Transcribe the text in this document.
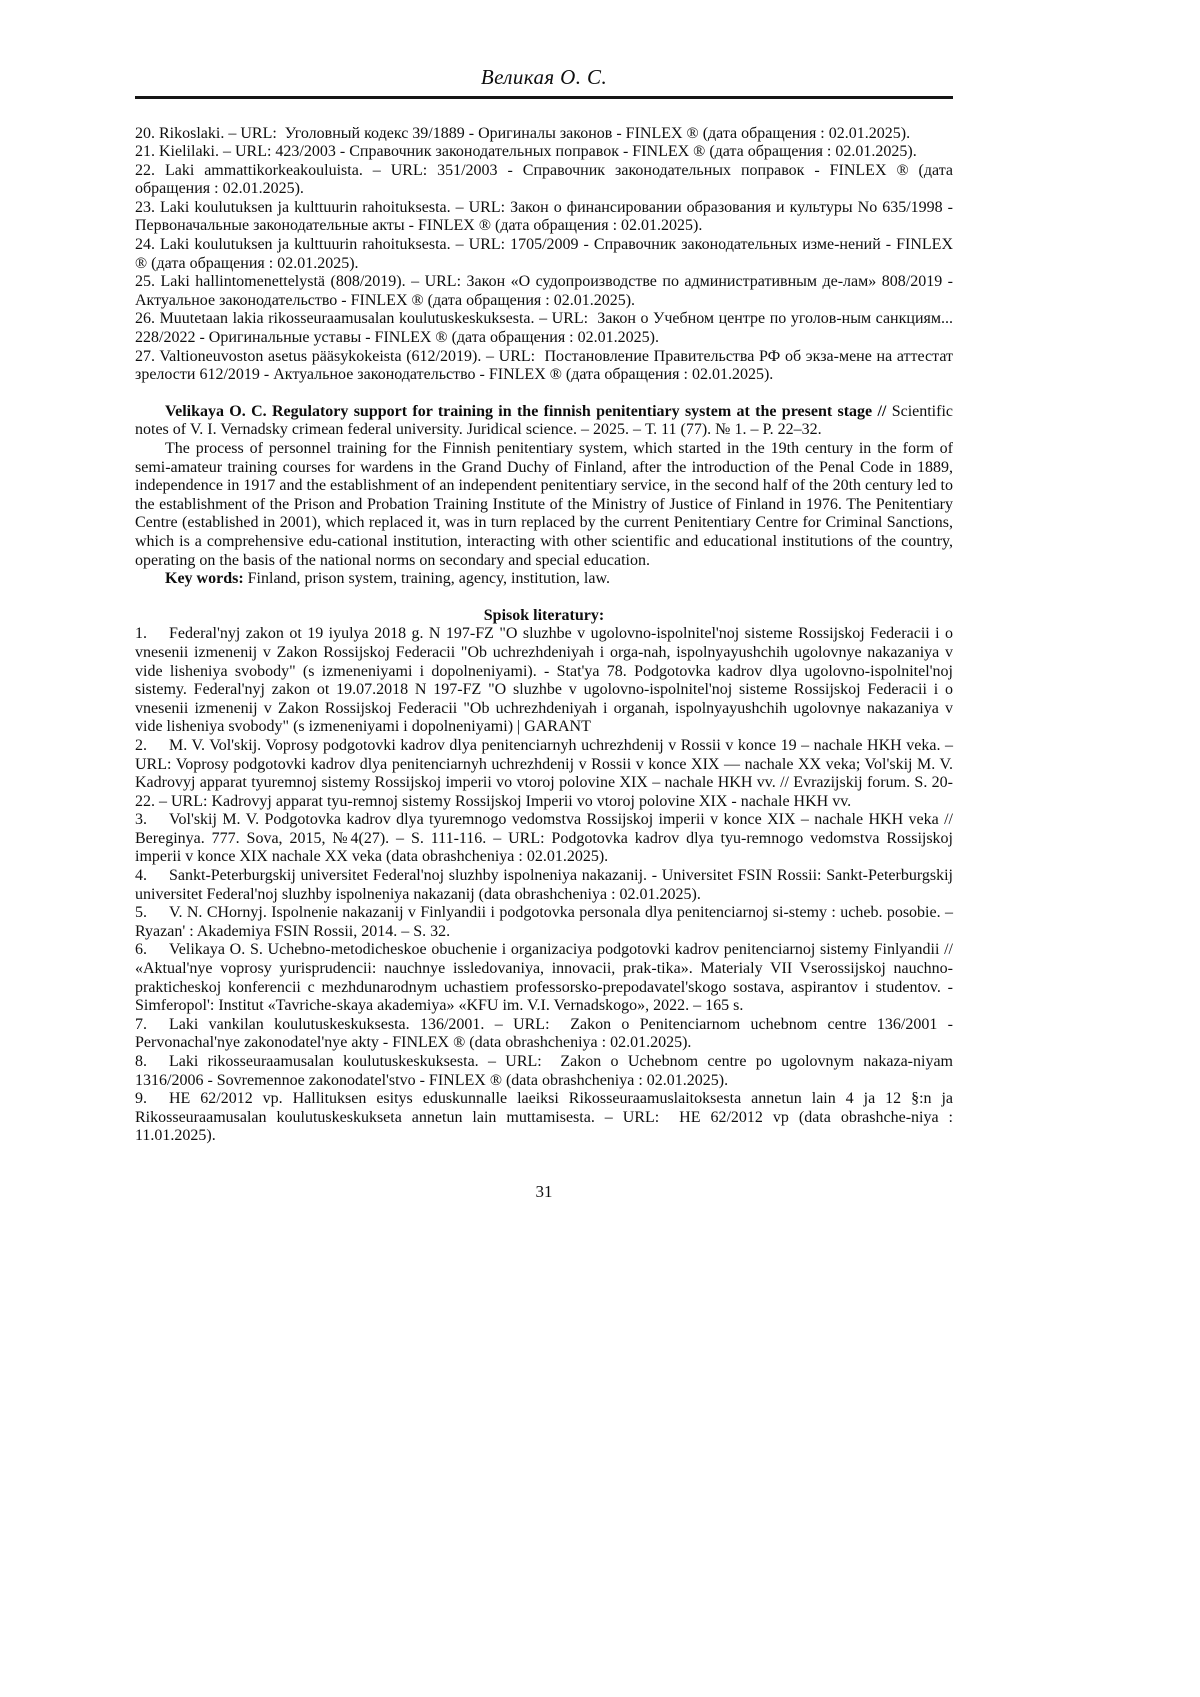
Великая О. С.

20. Rikoslaki. – URL:  Уголовный кодекс 39/1889 - Оригиналы законов - FINLEX ® (дата обращения : 02.01.2025).

21. Kielilaki. – URL: 423/2003 - Справочник законодательных поправок - FINLEX ® (дата обращения : 02.01.2025).

22. Laki ammattikorkeakouluista. – URL: 351/2003 - Справочник законодательных поправок - FINLEX ® (дата обращения : 02.01.2025).

23. Laki koulutuksen ja kulttuurin rahoituksesta. – URL: Закон о финансировании образования и культуры No 635/1998 - Первоначальные законодательные акты - FINLEX ® (дата обращения : 02.01.2025).

24. Laki koulutuksen ja kulttuurin rahoituksesta. – URL: 1705/2009 - Справочник законодательных изме-нений - FINLEX ® (дата обращения : 02.01.2025).

25. Laki hallintomenettelystä (808/2019). – URL: Закон «О судопроизводстве по административным де-лам» 808/2019 - Актуальное законодательство - FINLEX ® (дата обращения : 02.01.2025).

26. Muutetaan lakia rikosseuraamusalan koulutuskeskuksesta. – URL:  Закон о Учебном центре по уголов-ным санкциям... 228/2022 - Оригинальные уставы - FINLEX ® (дата обращения : 02.01.2025).

27. Valtioneuvoston asetus pääsykokeista (612/2019). – URL:  Постановление Правительства РФ об экза-мене на аттестат зрелости 612/2019 - Актуальное законодательство - FINLEX ® (дата обращения : 02.01.2025).

Velikaya O. C. Regulatory support for training in the finnish penitentiary system at the present stage // Scientific notes of V. I. Vernadsky crimean federal university. Juridical science. – 2025. – Т. 11 (77). № 1. – P. 22–32.

The process of personnel training for the Finnish penitentiary system, which started in the 19th century in the form of semi-amateur training courses for wardens in the Grand Duchy of Finland, after the introduction of the Penal Code in 1889, independence in 1917 and the establishment of an independent penitentiary service, in the second half of the 20th century led to the establishment of the Prison and Probation Training Institute of the Ministry of Justice of Finland in 1976. The Penitentiary Centre (established in 2001), which replaced it, was in turn replaced by the current Penitentiary Centre for Criminal Sanctions, which is a comprehensive edu-cational institution, interacting with other scientific and educational institutions of the country, operating on the basis of the national norms on secondary and special education.

Key words: Finland, prison system, training, agency, institution, law.

Spisok literatury:

1. Federal'nyj zakon ot 19 iyulya 2018 g. N 197-FZ "O sluzhbe v ugolovno-ispolnitel'noj sisteme Rossijskoj Federacii i o vnesenii izmenenij v Zakon Rossijskoj Federacii "Ob uchrezhdeniyah i orga-nah, ispolnyayushchih ugolovnye nakazaniya v vide lisheniya svobody" (s izmeneniyami i dopolneniyami). - Stat'ya 78. Podgotovka kadrov dlya ugolovno-ispolnitel'noj sistemy. Federal'nyj zakon ot 19.07.2018 N 197-FZ "O sluzhbe v ugolovno-ispolnitel'noj sisteme Rossijskoj Federacii i o vnesenii izmenenij v Zakon Rossijskoj Federacii "Ob uchrezhdeniyah i organah, ispolnyayushchih ugolovnye nakazaniya v vide lisheniya svobody" (s izmeneniyami i dopolneniyami) | GARANT

2. M. V. Vol'skij. Voprosy podgotovki kadrov dlya penitenciarnyh uchrezhdenij v Rossii v konce 19 – nachale HKH veka. – URL: Voprosy podgotovki kadrov dlya penitenciarnyh uchrezhdenij v Rossii v konce XIX — nachale XX veka; Vol'skij M. V. Kadrovyj apparat tyuremnoj sistemy Rossijskoj imperii vo vtoroj polovine XIX – nachale HKH vv. // Evrazijskij forum. S. 20-22. – URL: Kadrovyj apparat tyu-remnoj sistemy Rossijskoj Imperii vo vtoroj polovine XIX - nachale HKH vv.

3. Vol'skij M. V. Podgotovka kadrov dlya tyuremnogo vedomstva Rossijskoj imperii v konce XIX – nachale HKH veka // Bereginya. 777. Sova, 2015, №4(27). – S. 111-116. – URL: Podgotovka kadrov dlya tyu-remnogo vedomstva Rossijskoj imperii v konce XIX nachale XX veka (data obrashcheniya : 02.01.2025).

4. Sankt-Peterburgskij universitet Federal'noj sluzhby ispolneniya nakazanij. - Universitet FSIN Rossii: Sankt-Peterburgskij universitet Federal'noj sluzhby ispolneniya nakazanij (data obrashcheniya : 02.01.2025).

5. V. N. CHornyj. Ispolnenie nakazanij v Finlyandii i podgotovka personala dlya penitenciarnoj si-stemy : ucheb. posobie. – Ryazan' : Akademiya FSIN Rossii, 2014. – S. 32.

6. Velikaya O. S. Uchebno-metodicheskoe obuchenie i organizaciya podgotovki kadrov penitenciarnoj sistemy Finlyandii // «Aktual'nye voprosy yurisprudencii: nauchnye issledovaniya, innovacii, prak-tika». Materialy VII Vserossijskoj nauchno-prakticheskoj konferencii c mezhdunarodnym uchastiem professorsko-prepodavatel'skogo sostava, aspirantov i studentov. - Simferopol': Institut «Tavriche-skaya akademiya» «KFU im. V.I. Vernadskogo», 2022. – 165 s.

7. Laki vankilan koulutuskeskuksesta. 136/2001. – URL:  Zakon o Penitenciarnom uchebnom centre 136/2001 - Pervonachal'nye zakonodatel'nye akty - FINLEX ® (data obrashcheniya : 02.01.2025).

8. Laki rikosseuraamusalan koulutuskeskuksesta. – URL:  Zakon o Uchebnom centre po ugolovnym nakaza-niyam 1316/2006 - Sovremennoe zakonodatel'stvo - FINLEX ® (data obrashcheniya : 02.01.2025).

9. HE 62/2012 vp. Hallituksen esitys eduskunnalle laeiksi Rikosseuraamuslaitoksesta annetun lain 4 ja 12 §:n ja Rikosseuraamusalan koulutuskeskukseta annetun lain muttamisesta. – URL:  HE 62/2012 vp (data obrashche-niya : 11.01.2025).

31
